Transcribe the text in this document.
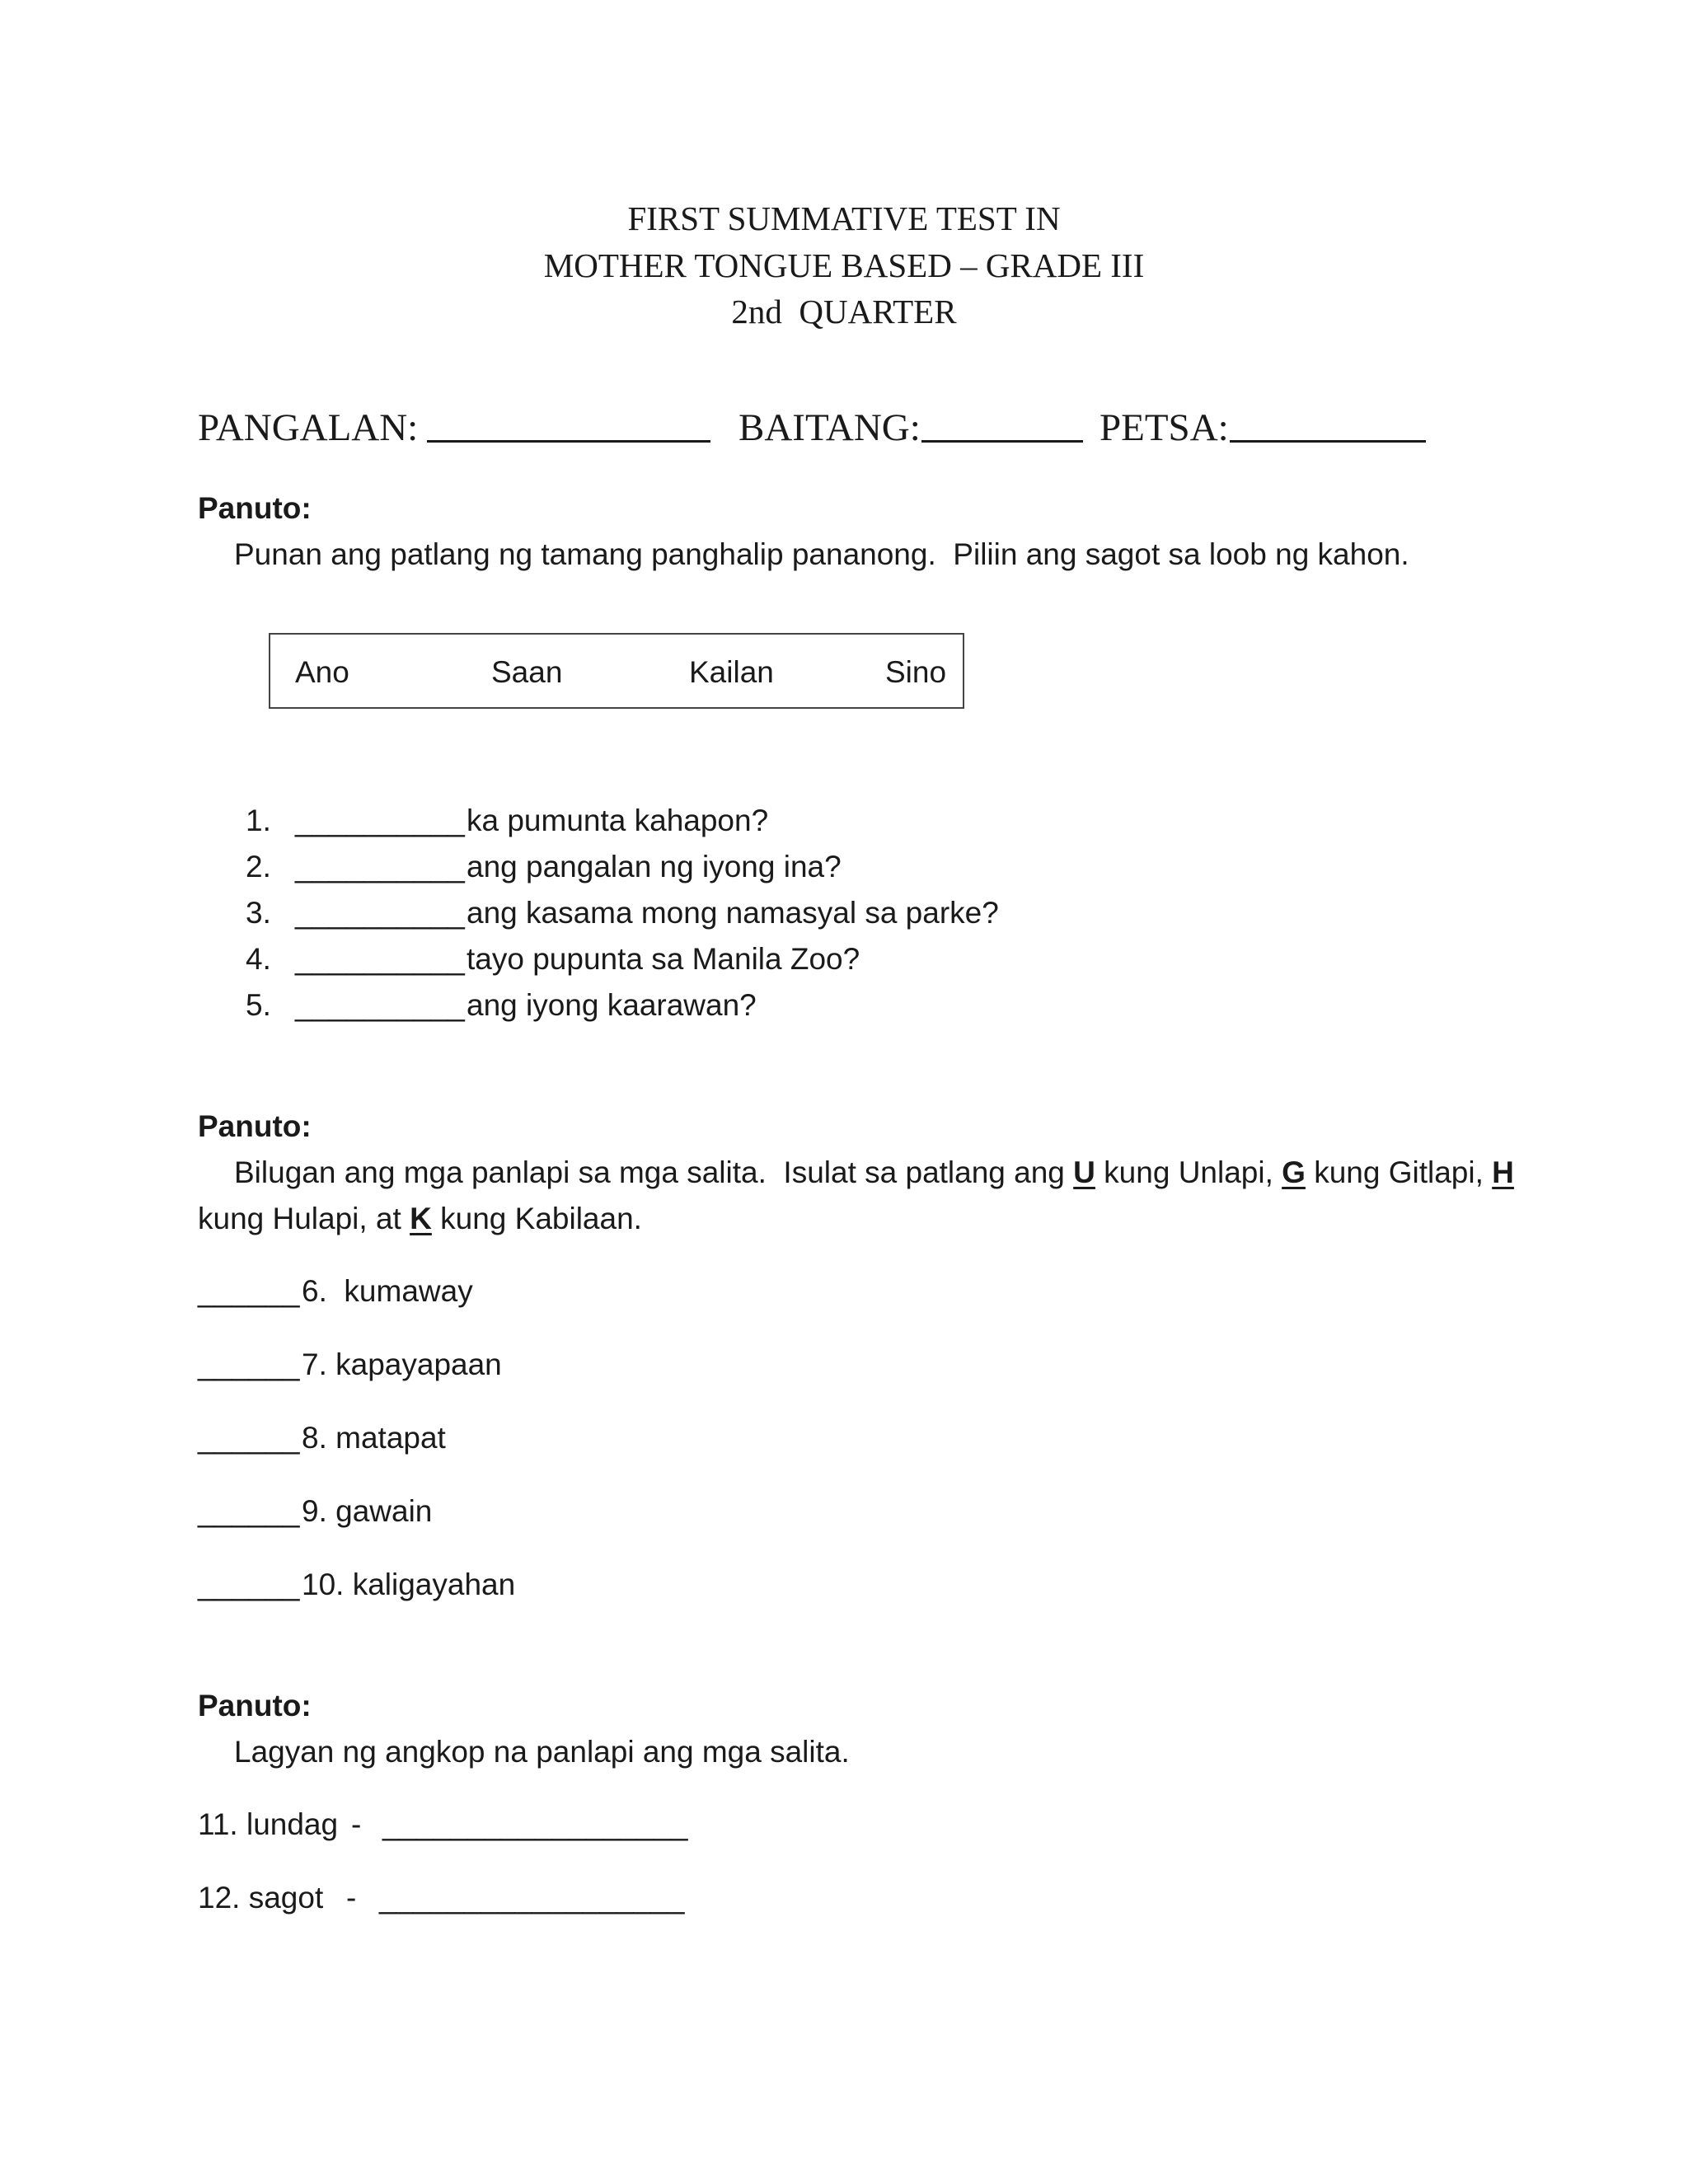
FIRST SUMMATIVE TEST IN
MOTHER TONGUE BASED – GRADE III
2nd  QUARTER
PANGALAN:	BAITANG:	PETSA:
Panuto:
Punan ang patlang ng tamang panghalip pananong.  Piliin ang sagot sa loob ng kahon.
Ano	Saan	Kailan	Sino
1. __________ ka pumunta kahapon?
2. __________ ang pangalan ng iyong ina?
3. __________ ang kasama mong namasyal sa parke?
4. __________ tayo pupunta sa Manila Zoo?
5. __________ ang iyong kaarawan?
Panuto:
Bilugan ang mga panlapi sa mga salita.  Isulat sa patlang ang U kung Unlapi, G kung Gitlapi, H
kung Hulapi, at K kung Kabilaan.
______ 6.  kumaway
______ 7. kapayapaan
______ 8. matapat
______ 9. gawain
______ 10. kaligayahan
Panuto:
Lagyan ng angkop na panlapi ang mga salita.
11. lundag - __________________
12. sagot - __________________
